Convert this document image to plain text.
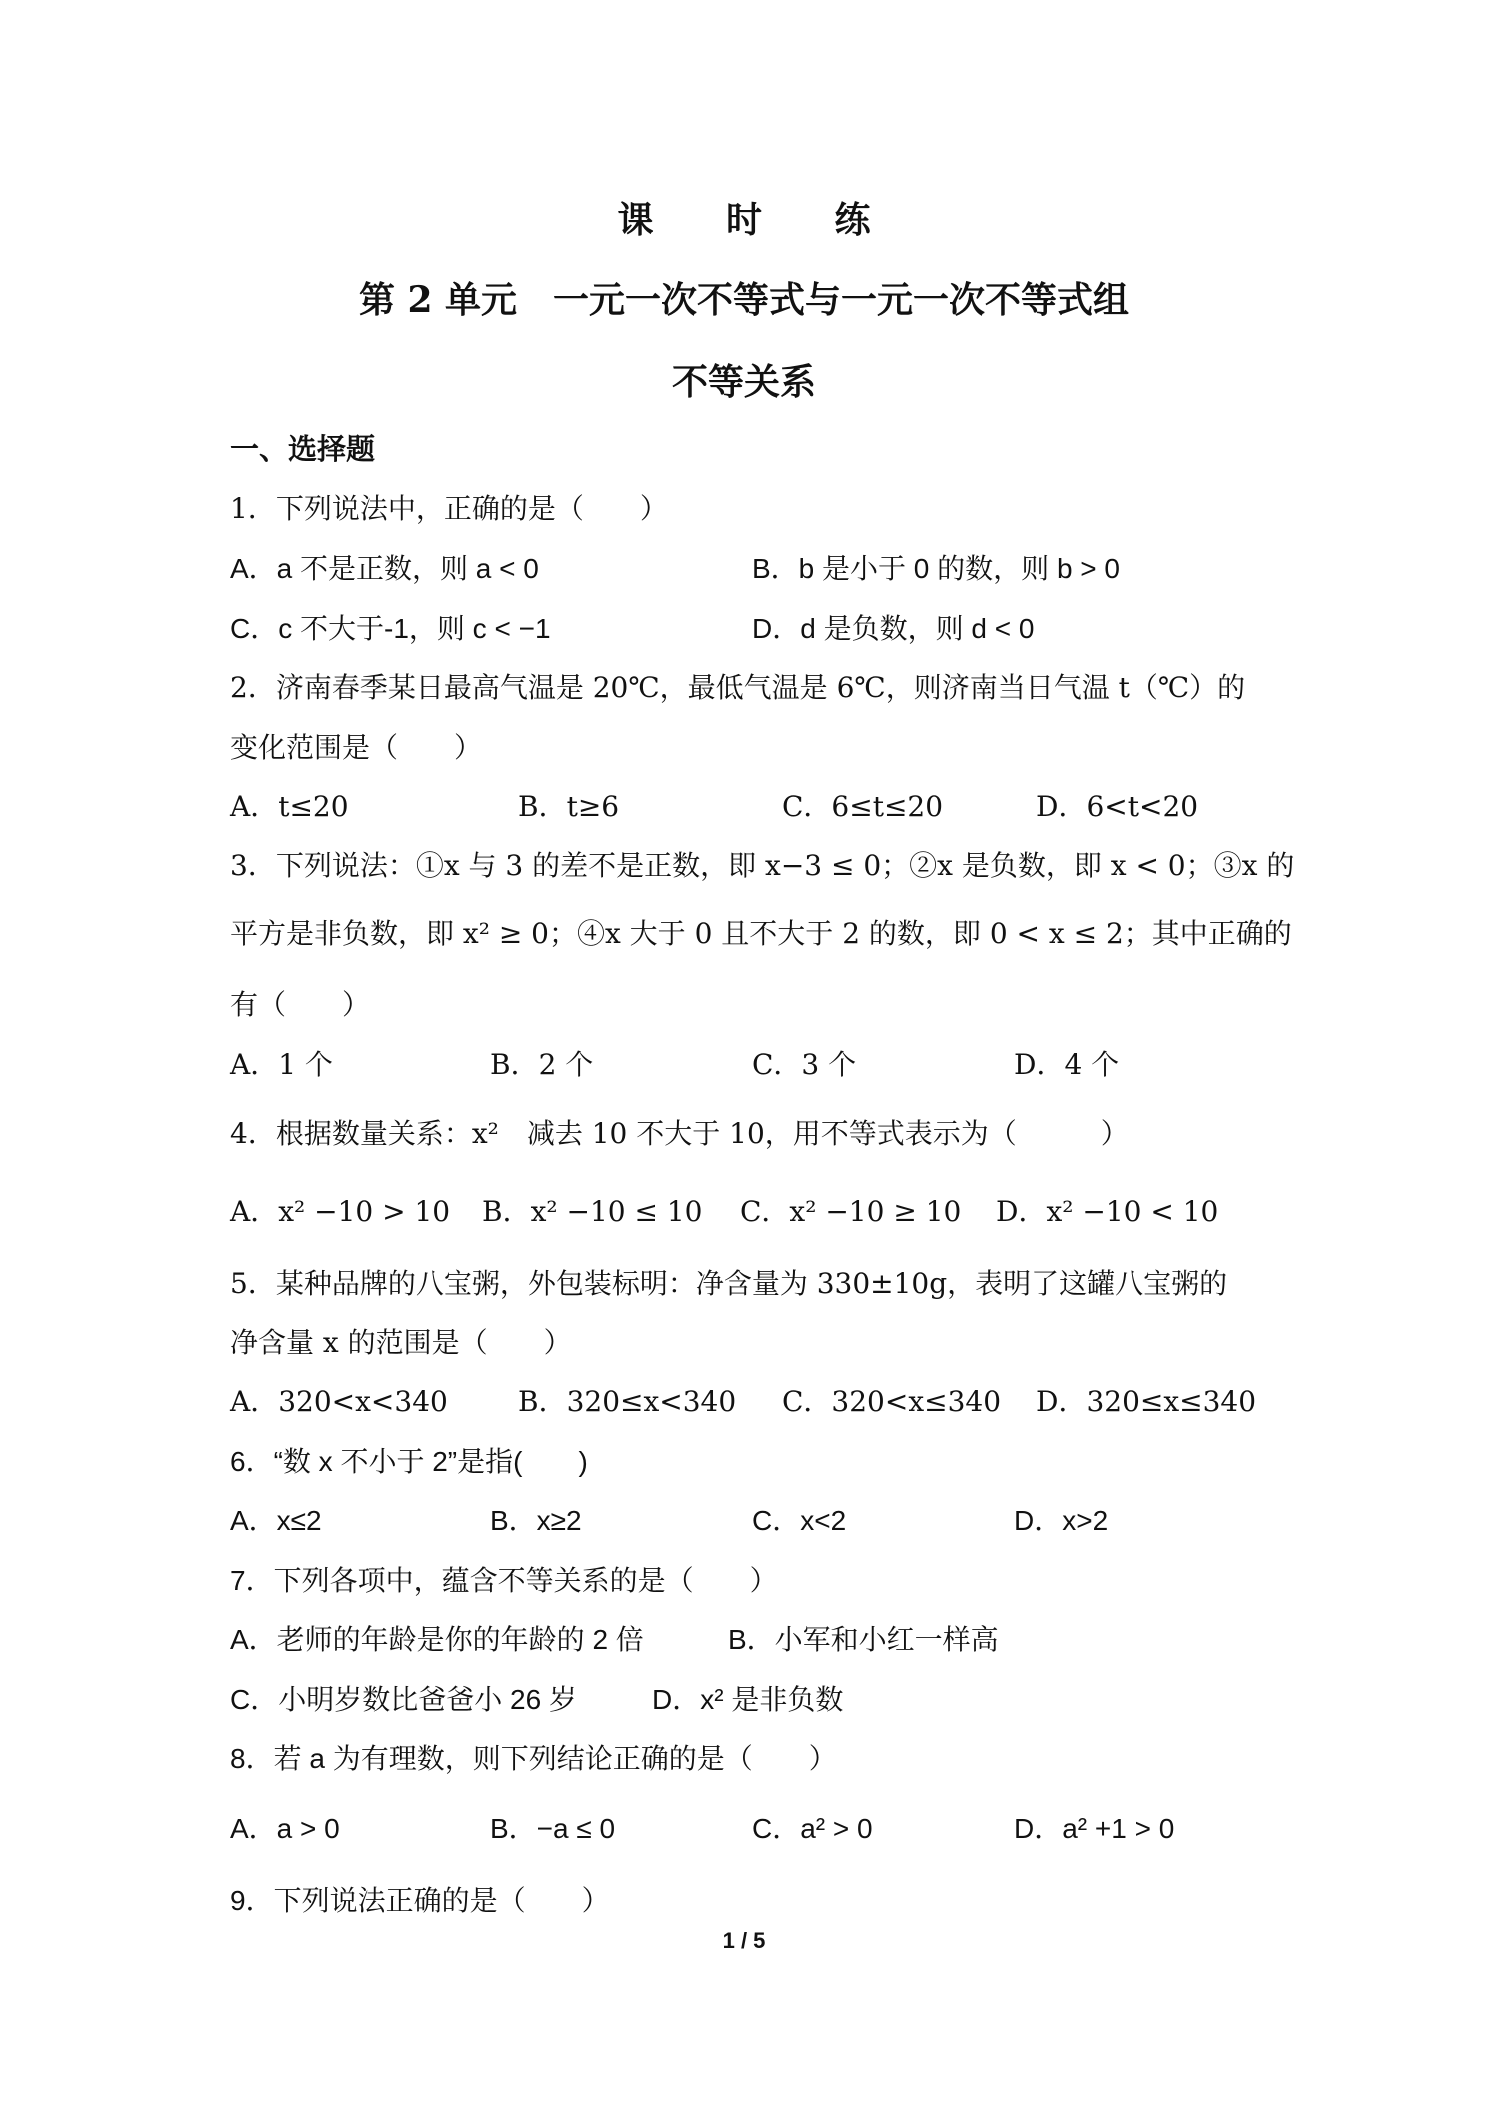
课 时 练
第 2 单元　一元一次不等式与一元一次不等式组
不等关系
一、选择题
1．下列说法中，正确的是（　　）
A．a 不是正数，则 a < 0	B．b 是小于 0 的数，则 b > 0
C．c 不大于-1，则 c < −1	D．d 是负数，则 d < 0
2．济南春季某日最高气温是 20℃，最低气温是 6℃，则济南当日气温 t（℃）的
变化范围是（　　）
A．t≤20	B．t≥6	C．6≤t≤20	D．6<t<20
3．下列说法：①x 与 3 的差不是正数，即 x−3 ≤ 0；②x 是负数，即 x < 0；③x 的
平方是非负数，即 x² ≥ 0；④x 大于 0 且不大于 2 的数，即 0 < x ≤ 2；其中正确的
有（　　）
A．1 个	B．2 个	C．3 个	D．4 个
4．根据数量关系：x²　减去 10 不大于 10，用不等式表示为（　　　）
A．x² −10 > 10 B．x² −10 ≤ 10 C．x² −10 ≥ 10 D．x² −10 < 10
5．某种品牌的八宝粥，外包装标明：净含量为 330±10g，表明了这罐八宝粥的
净含量 x 的范围是（　　）
A．320<x<340	B．320≤x<340 C．320<x≤340 D．320≤x≤340
6．“数 x 不小于 2”是指(　　)
A．x≤2	B．x≥2	C．x<2	D．x>2
7．下列各项中，蕴含不等关系的是（　　）
A．老师的年龄是你的年龄的 2 倍	B．小军和小红一样高
C．小明岁数比爸爸小 26 岁	D．x² 是非负数
8．若 a 为有理数，则下列结论正确的是（　　）
A．a > 0	B．−a ≤ 0	C．a² > 0	D．a² +1 > 0
9．下列说法正确的是（　　）
1 / 5
